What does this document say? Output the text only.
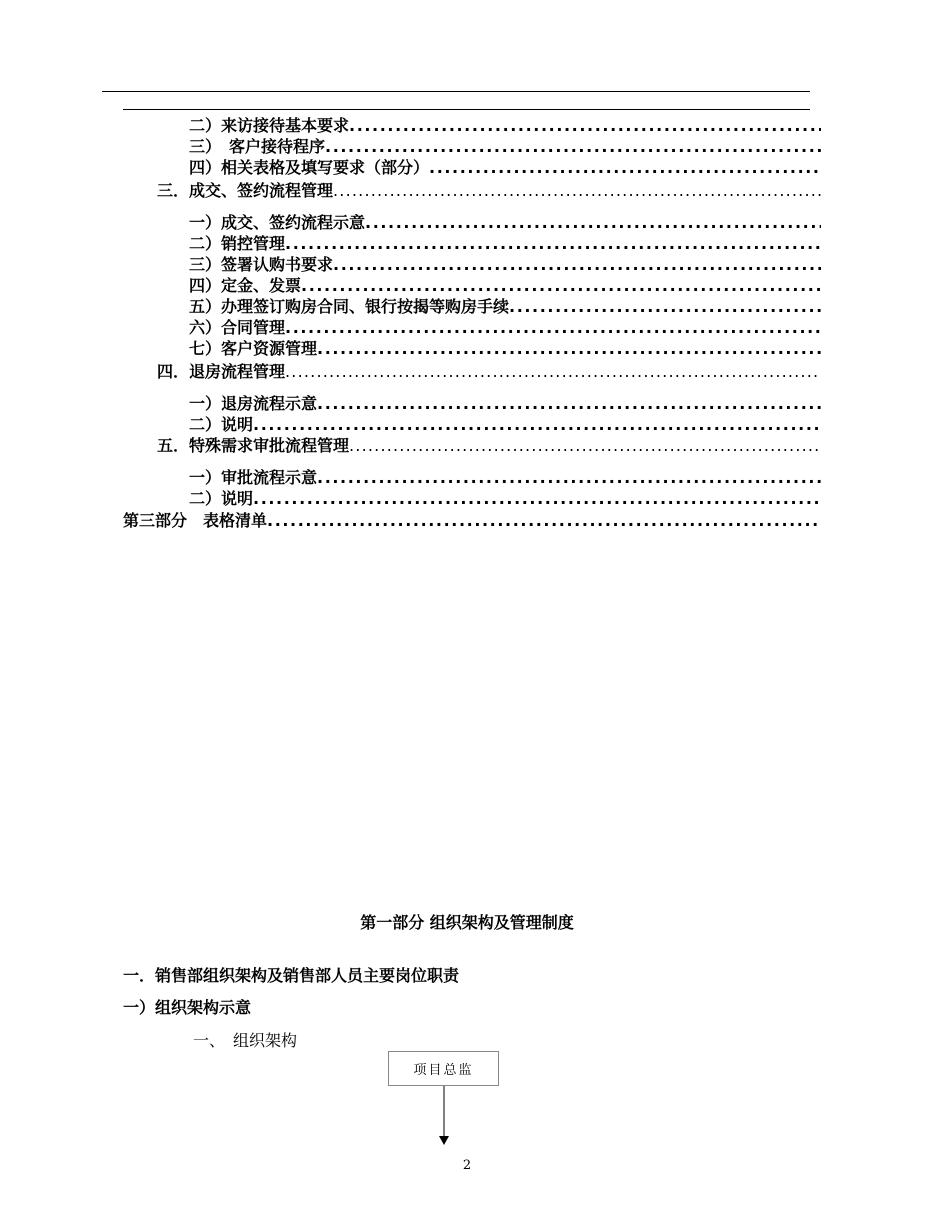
二）来访接待基本要求
.....
三）　客户接待程序
.....
四）相关表格及填写要求（部分）
.....
三．成交、签约流程管理
.....
一）成交、签约流程示意
.....
二）销控管理
.....
三）签署认购书要求
.....
四）定金、发票
.....
五）办理签订购房合同、银行按揭等购房手续
.....
六）合同管理
.....
七）客户资源管理
.....
四．退房流程管理
.....
一）退房流程示意
.....
二）说明
.....
五．特殊需求审批流程管理
.....
一）审批流程示意
.....
二）说明
.....
第三部分　表格清单
.....
第一部分 组织架构及管理制度
一．销售部组织架构及销售部人员主要岗位职责
一）组织架构示意
一、　组织架构
项目总监
2
